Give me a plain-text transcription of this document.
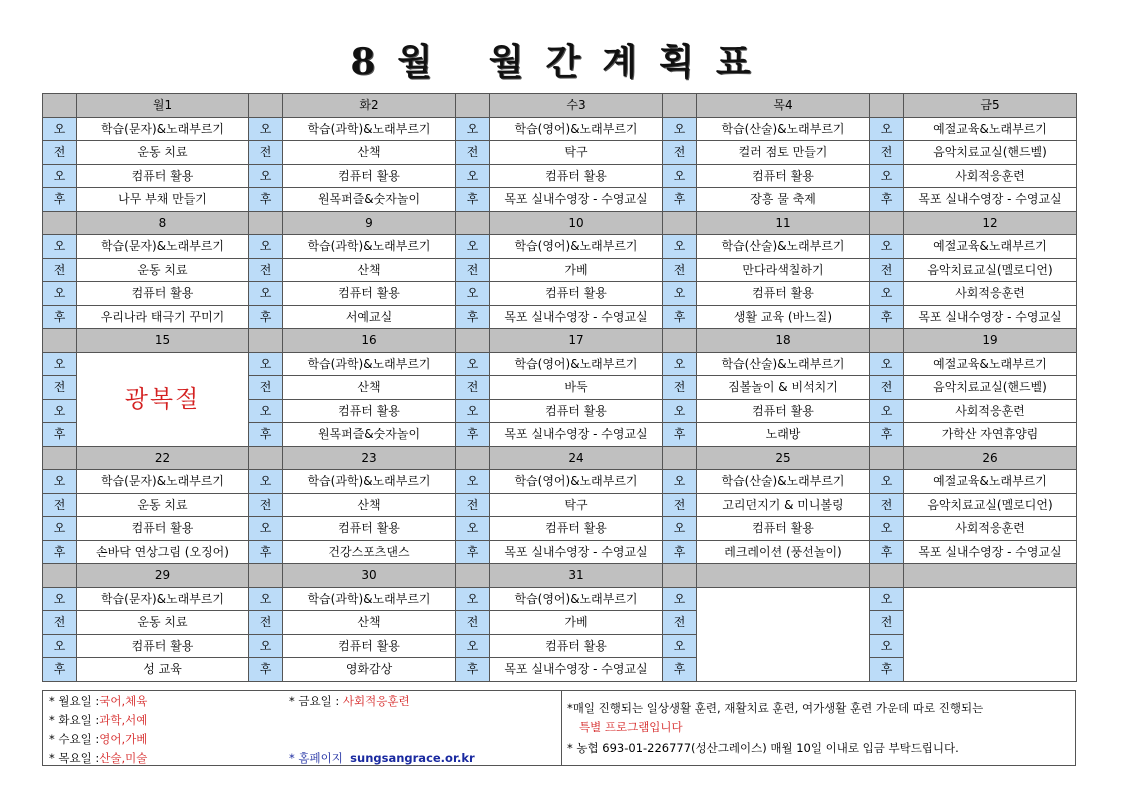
8월 월간계획표
	월1		화2		수3		목4		금5
오	학습(문자)&노래부르기	오	학습(과학)&노래부르기	오	학습(영어)&노래부르기	오	학습(산술)&노래부르기	오	예절교육&노래부르기
전	운동 치료	전	산책	전	탁구	전	컬러 점토 만들기	전	음악치료교실(핸드벨)
오	컴퓨터 활용	오	컴퓨터 활용	오	컴퓨터 활용	오	컴퓨터 활용	오	사회적응훈련
후	나무 부채 만들기	후	원목퍼즐&숫자놀이	후	목포 실내수영장 - 수영교실	후	장흥 물 축제	후	목포 실내수영장 - 수영교실
	8		9		10		11		12
오	학습(문자)&노래부르기	오	학습(과학)&노래부르기	오	학습(영어)&노래부르기	오	학습(산술)&노래부르기	오	예절교육&노래부르기
전	운동 치료	전	산책	전	가베	전	만다라색칠하기	전	음악치료교실(멜로디언)
오	컴퓨터 활용	오	컴퓨터 활용	오	컴퓨터 활용	오	컴퓨터 활용	오	사회적응훈련
후	우리나라 태극기 꾸미기	후	서예교실	후	목포 실내수영장 - 수영교실	후	생활 교육 (바느질)	후	목포 실내수영장 - 수영교실
	15		16		17		18		19
오	광복절	오	학습(과학)&노래부르기	오	학습(영어)&노래부르기	오	학습(산술)&노래부르기	오	예절교육&노래부르기
전		전	산책	전	바둑	전	짐볼놀이 & 비석치기	전	음악치료교실(핸드벨)
오		오	컴퓨터 활용	오	컴퓨터 활용	오	컴퓨터 활용	오	사회적응훈련
후		후	원목퍼즐&숫자놀이	후	목포 실내수영장 - 수영교실	후	노래방	후	가학산 자연휴양림
	22		23		24		25		26
오	학습(문자)&노래부르기	오	학습(과학)&노래부르기	오	학습(영어)&노래부르기	오	학습(산술)&노래부르기	오	예절교육&노래부르기
전	운동 치료	전	산책	전	탁구	전	고리던지기 & 미니볼링	전	음악치료교실(멜로디언)
오	컴퓨터 활용	오	컴퓨터 활용	오	컴퓨터 활용	오	컴퓨터 활용	오	사회적응훈련
후	손바닥 연상그림 (오징어)	후	건강스포츠댄스	후	목포 실내수영장 - 수영교실	후	레크레이션 (풍선놀이)	후	목포 실내수영장 - 수영교실
	29		30		31				
오	학습(문자)&노래부르기	오	학습(과학)&노래부르기	오	학습(영어)&노래부르기	오		오	
전	운동 치료	전	산책	전	가베	전		전	
오	컴퓨터 활용	오	컴퓨터 활용	오	컴퓨터 활용	오		오	
후	성 교육	후	영화감상	후	목포 실내수영장 - 수영교실	후		후	
* 월요일 :국어,체육
* 화요일 :과학,서예
* 수요일 :영어,가베
* 목요일 :산술,미술
* 금요일 : 사회적응훈련
* 홈페이지 sungsangrace.or.kr
*매일 진행되는 일상생활 훈련, 재활치료 훈련, 여가생활 훈련 가운데 따로 진행되는
특별 프로그램입니다
* 농협 693-01-226777(성산그레이스) 매월 10일 이내로 입금 부탁드립니다.
